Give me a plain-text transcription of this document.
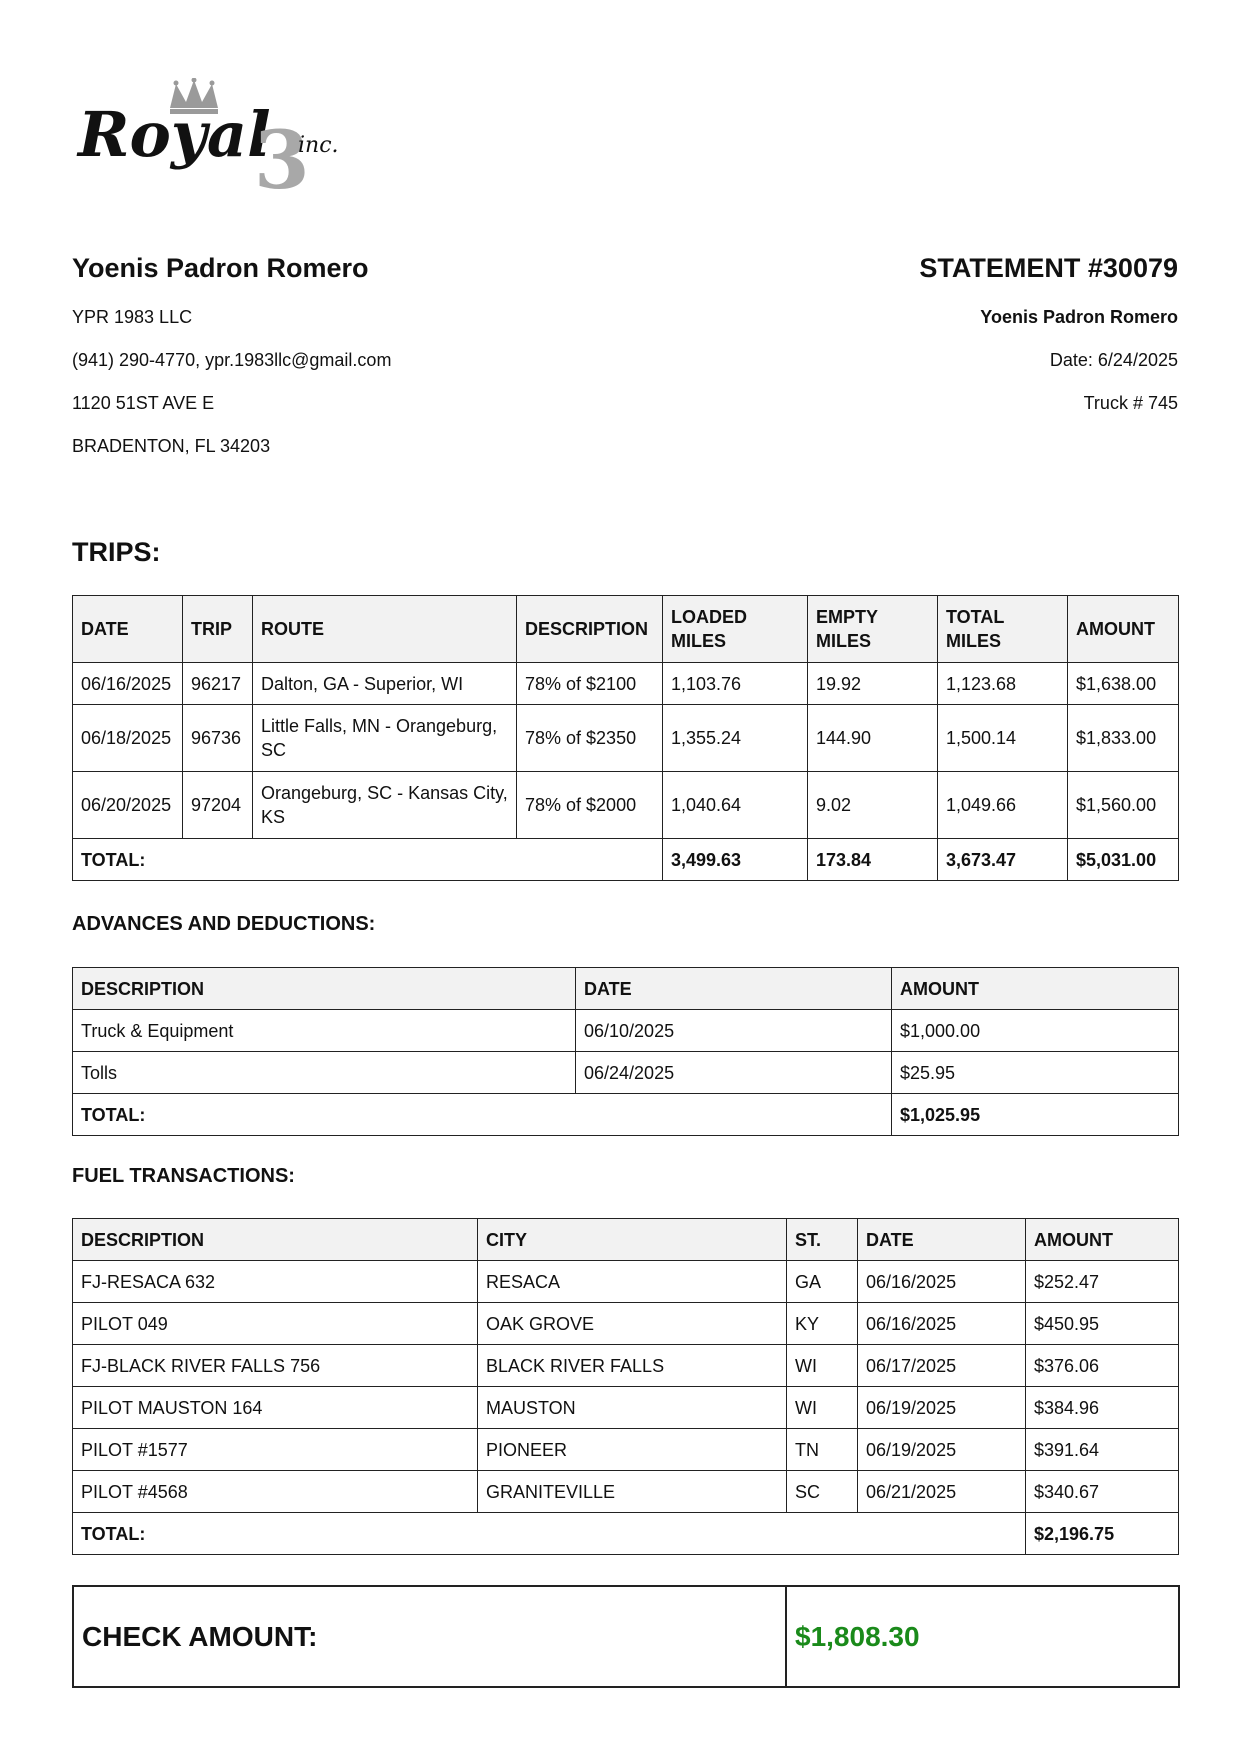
Royal
3
inc.
Yoenis Padron Romero
YPR 1983 LLC
(941) 290-4770, ypr.1983llc@gmail.com
1120 51ST AVE E
BRADENTON, FL 34203
STATEMENT #30079
Yoenis Padron Romero
Date: 6/24/2025
Truck # 745
TRIPS:
DATE	TRIP	ROUTE	DESCRIPTION	LOADED MILES	EMPTY MILES	TOTAL MILES	AMOUNT
06/16/2025	96217	Dalton, GA - Superior, WI	78% of $2100	1,103.76	19.92	1,123.68	$1,638.00
06/18/2025	96736	Little Falls, MN - Orangeburg, SC	78% of $2350	1,355.24	144.90	1,500.14	$1,833.00
06/20/2025	97204	Orangeburg, SC - Kansas City, KS	78% of $2000	1,040.64	9.02	1,049.66	$1,560.00
TOTAL:				3,499.63	173.84	3,673.47	$5,031.00
ADVANCES AND DEDUCTIONS:
DESCRIPTION	DATE	AMOUNT
Truck & Equipment	06/10/2025	$1,000.00
Tolls	06/24/2025	$25.95
TOTAL:		$1,025.95
FUEL TRANSACTIONS:
DESCRIPTION	CITY	ST.	DATE	AMOUNT
FJ-RESACA 632	RESACA	GA	06/16/2025	$252.47
PILOT 049	OAK GROVE	KY	06/16/2025	$450.95
FJ-BLACK RIVER FALLS 756	BLACK RIVER FALLS	WI	06/17/2025	$376.06
PILOT MAUSTON 164	MAUSTON	WI	06/19/2025	$384.96
PILOT #1577	PIONEER	TN	06/19/2025	$391.64
PILOT #4568	GRANITEVILLE	SC	06/21/2025	$340.67
TOTAL:				$2,196.75
CHECK AMOUNT:	$1,808.30
